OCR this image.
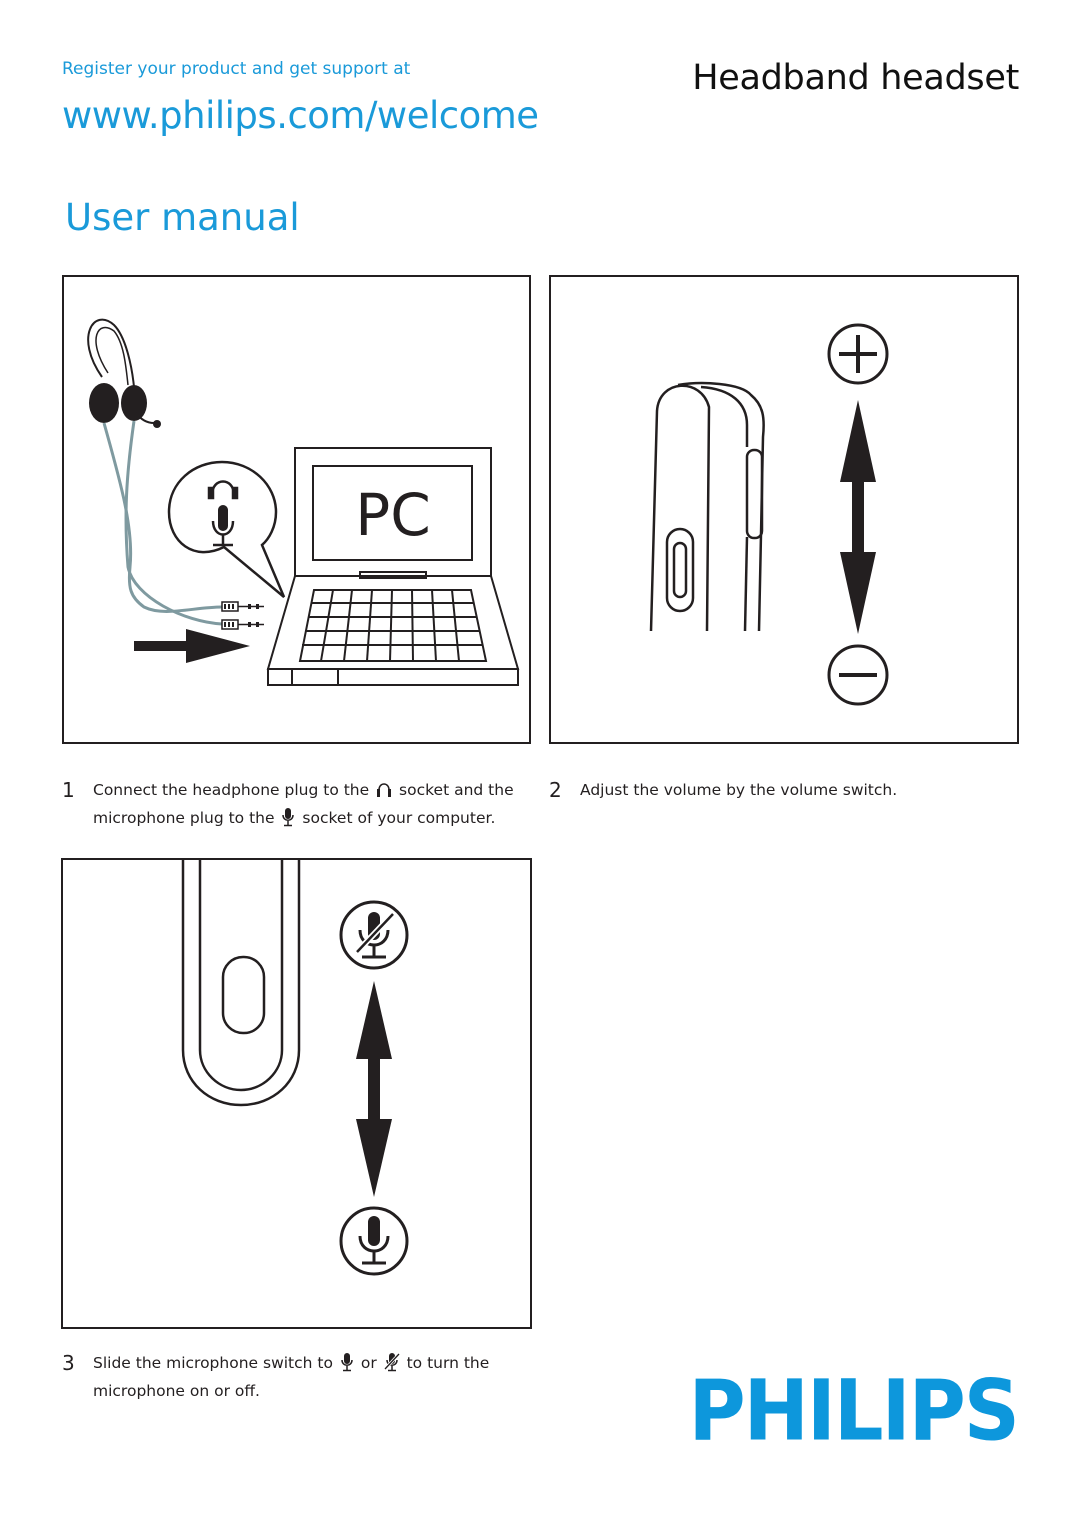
Register your product and get support at
www.philips.com/welcome
User manual
Headband headset
PC
1 Connect the headphone plug to the socket and the
microphone plug to the socket of your computer.
2 Adjust the volume by the volume switch.
3 Slide the microphone switch to or to turn the
microphone on or off.	PHILIPS
